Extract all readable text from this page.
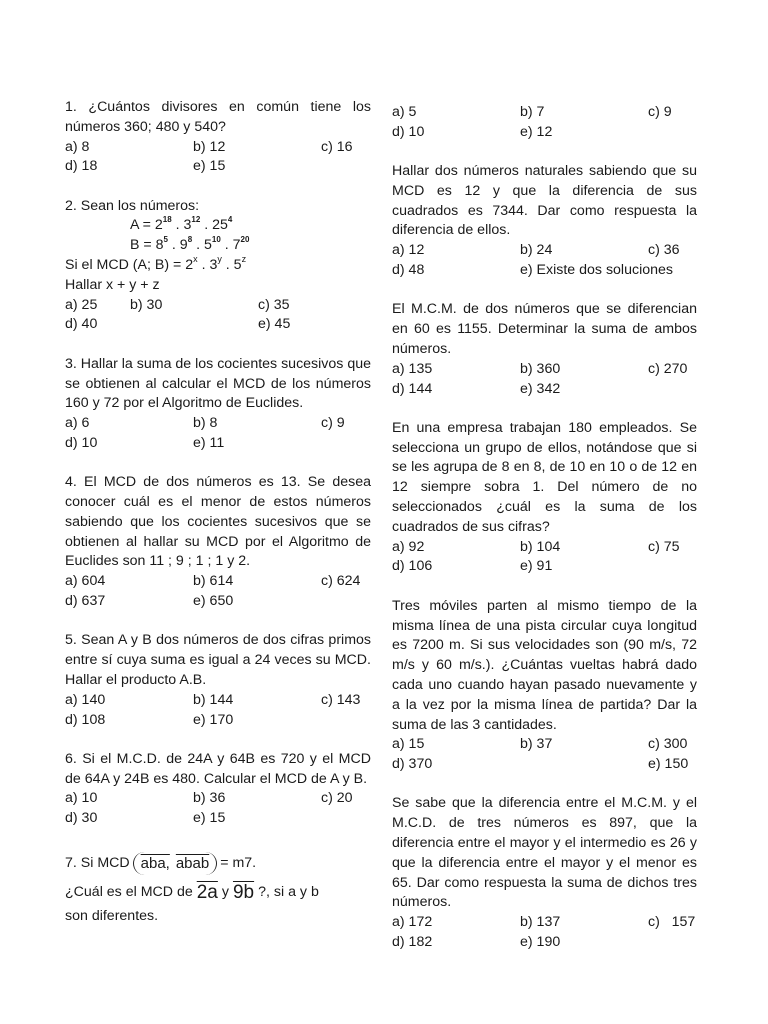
1. ¿Cuántos divisores en común tiene los números 360; 480 y 540?
a) 8	b) 12	c) 16
d) 18	e) 15
2. Sean los números:
$A = 2^{18}$ . $3^{12}$ . $25^4$
$B = 8^5$ . $9^8$ . $5^{10}$ . $7^{20}$
Si el MCD (A; $B) = 2^x$ . 3$^y$ . 5$^z$
Hallar x + y + z
a) 25	b) 30	c) 35
d) 40	e) 45
3. Hallar la suma de los cocientes sucesivos que se obtienen al calcular el MCD de los números 160 y 72 por el Algoritmo de Euclides.
a) 6	b) 8	c) 9
d) 10	e) 11
4. El MCD de dos números es 13. Se desea conocer cuál es el menor de estos números sabiendo que los cocientes sucesivos que se obtienen al hallar su MCD por el Algoritmo de Euclides son 11 ; 9 ; 1 ; 1 y 2.
a) 604	b) 614	c) 624
d) 637	e) 650
5. Sean A y B dos números de dos cifras primos entre sí cuya suma es igual a 24 veces su MCD. Hallar el producto A.B.
a) 140	b) 144	c) 143
d) 108	e) 170
6. Si el M.C.D. de 24A y 64B es 720 y el MCD de 64A y 24B es 480. Calcular el MCD de A y B.
a) 10	b) 36	c) 20
d) 30	e) 15
7. Si MCD aba, abab = m7.
¿Cuál es el MCD de 2a y 9b ?, si a y b
son diferentes.
a) 5	b) 7	c) 9
d) 10	e) 12
Hallar dos números naturales sabiendo que su MCD es 12 y que la diferencia de sus cuadrados es 7344. Dar como respuesta la diferencia de ellos.
a) 12	b) 24	c) 36
d) 48	e) Existe dos soluciones
El M.C.M. de dos números que se diferencian en 60 es 1155. Determinar la suma de ambos números.
a) 135	b) 360	c) 270
d) 144	e) 342
En una empresa trabajan 180 empleados. Se selecciona un grupo de ellos, notándose que si se les agrupa de 8 en 8, de 10 en 10 o de 12 en 12 siempre sobra 1. Del número de no seleccionados ¿cuál es la suma de los cuadrados de sus cifras?
a) 92	b) 104	c) 75
d) 106	e) 91
Tres móviles parten al mismo tiempo de la misma línea de una pista circular cuya longitud es 7200 m. Si sus velocidades son (90 m/s, 72 m/s y 60 m/s.). ¿Cuántas vueltas habrá dado cada uno cuando hayan pasado nuevamente y a la vez por la misma línea de partida? Dar la suma de las 3 cantidades.
a) 15	b) 37	c) 300
d) 370	e) 150
Se sabe que la diferencia entre el M.C.M. y el M.C.D. de tres números es 897, que la diferencia entre el mayor y el intermedio es 26 y que la diferencia entre el mayor y el menor es 65. Dar como respuesta la suma de dichos tres números.
a) 172	b) 137	c)   157
d) 182	e) 190
